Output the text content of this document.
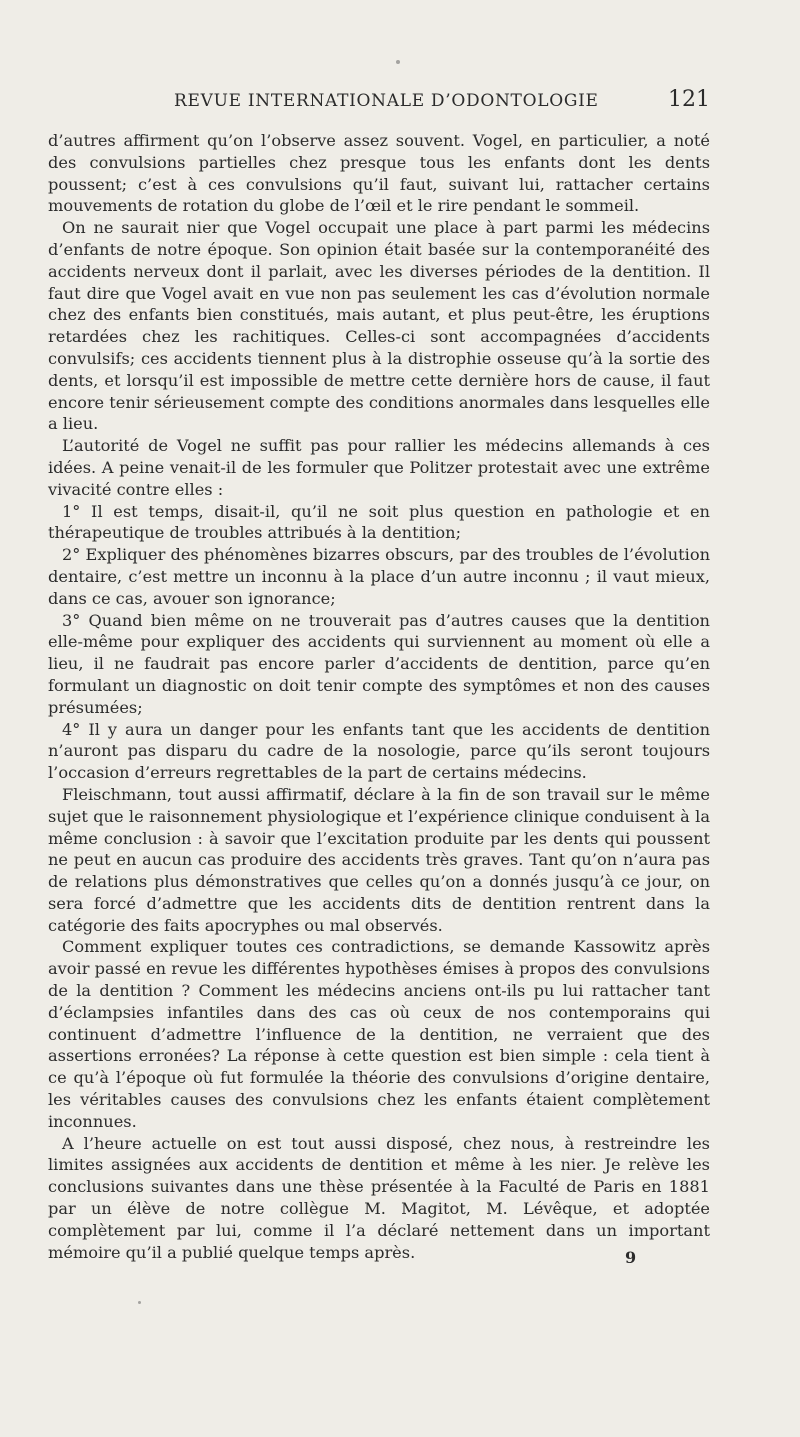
REVUE INTERNATIONALE D’ODONTOLOGIE	121

d’autres affirment qu’on l’observe assez souvent. Vogel, en particulier, a noté des convulsions partielles chez presque tous les enfants dont les dents poussent; c’est à ces convulsions qu’il faut, suivant lui, rattacher certains mouvements de rotation du globe de l’œil et le rire pendant le sommeil.

On ne saurait nier que Vogel occupait une place à part parmi les médecins d’enfants de notre époque. Son opinion était basée sur la contemporanéité des accidents nerveux dont il parlait, avec les diverses périodes de la dentition. Il faut dire que Vogel avait en vue non pas seulement les cas d’évolution normale chez des enfants bien constitués, mais autant, et plus peut-être, les éruptions retardées chez les rachitiques. Celles-ci sont accompagnées d’accidents convulsifs; ces accidents tiennent plus à la distrophie osseuse qu’à la sortie des dents, et lorsqu’il est impossible de mettre cette dernière hors de cause, il faut encore tenir sérieusement compte des conditions anormales dans lesquelles elle a lieu.

L’autorité de Vogel ne suffit pas pour rallier les médecins allemands à ces idées. A peine venait-il de les formuler que Politzer protestait avec une extrême vivacité contre elles :

1° Il est temps, disait-il, qu’il ne soit plus question en pathologie et en thérapeutique de troubles attribués à la dentition;

2° Expliquer des phénomènes bizarres obscurs, par des troubles de l’évolution dentaire, c’est mettre un inconnu à la place d’un autre inconnu ; il vaut mieux, dans ce cas, avouer son ignorance;

3° Quand bien même on ne trouverait pas d’autres causes que la dentition elle-même pour expliquer des accidents qui surviennent au moment où elle a lieu, il ne faudrait pas encore parler d’accidents de dentition, parce qu’en formulant un diagnostic on doit tenir compte des symptômes et non des causes présumées;

4° Il y aura un danger pour les enfants tant que les accidents de dentition n’auront pas disparu du cadre de la nosologie, parce qu’ils seront toujours l’occasion d’erreurs regrettables de la part de certains médecins.

Fleischmann, tout aussi affirmatif, déclare à la fin de son travail sur le même sujet que le raisonnement physiologique et l’expérience clinique conduisent à la même conclusion : à savoir que l’excitation produite par les dents qui poussent ne peut en aucun cas produire des accidents très graves. Tant qu’on n’aura pas de relations plus démonstratives que celles qu’on a donnés jusqu’à ce jour, on sera forcé d’admettre que les accidents dits de dentition rentrent dans la catégorie des faits apocryphes ou mal observés.

Comment expliquer toutes ces contradictions, se demande Kassowitz après avoir passé en revue les différentes hypothèses émises à propos des convulsions de la dentition ? Comment les médecins anciens ont-ils pu lui rattacher tant d’éclampsies infantiles dans des cas où ceux de nos contemporains qui continuent d’admettre l’influence de la dentition, ne verraient que des assertions erronées? La réponse à cette question est bien simple : cela tient à ce qu’à l’époque où fut formulée la théorie des convulsions d’origine dentaire, les véritables causes des convulsions chez les enfants étaient complètement inconnues.

A l’heure actuelle on est tout aussi disposé, chez nous, à restreindre les limites assignées aux accidents de dentition et même à les nier. Je relève les conclusions suivantes dans une thèse présentée à la Faculté de Paris en 1881 par un élève de notre collègue M. Magitot, M. Lévêque, et adoptée complètement par lui, comme il l’a déclaré nettement dans un important mémoire qu’il a publié quelque temps après.	9
